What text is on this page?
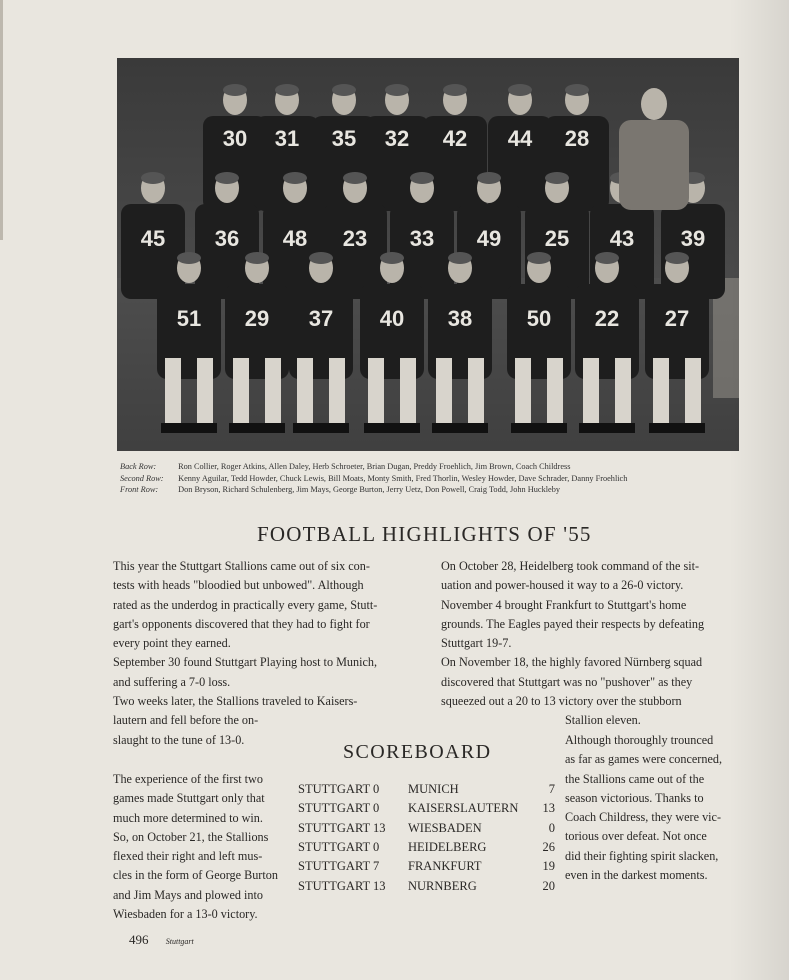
30 31 35 32 42 44 28
45 36 48 23 33 49 25 43 39
51 29 37 40 38 50 22 27
Back Row:	Ron Collier, Roger Atkins, Allen Daley, Herb Schroeter, Brian Dugan, Preddy Froehlich, Jim Brown, Coach Childress
Second Row: Kenny Aguilar, Tedd Howder, Chuck Lewis, Bill Moats, Monty Smith, Fred Thorlin, Wesley Howder, Dave Schrader, Danny Froehlich
Front Row: Don Bryson, Richard Schulenberg, Jim Mays, George Burton, Jerry Uetz, Don Powell, Craig Todd, John Huckleby
FOOTBALL HIGHLIGHTS OF '55

This year the Stuttgart Stallions came out of six con-
tests with heads "bloodied but unbowed". Although
rated as the underdog in practically every game, Stutt-
gart's opponents discovered that they had to fight for
every point they earned.

September 30 found Stuttgart Playing host to Munich,
and suffering a 7-0 loss.

Two weeks later, the Stallions traveled to Kaisers-
lautern and fell before the on-
slaught to the tune of 13-0.

The experience of the first two
games made Stuttgart only that
much more determined to win.
So, on October 21, the Stallions
flexed their right and left mus-
cles in the form of George Burton
and Jim Mays and plowed into
Wiesbaden for a 13-0 victory.

On October 28, Heidelberg took command of the sit-
uation and power-housed it way to a 26-0 victory.
November 4 brought Frankfurt to Stuttgart's home
grounds. The Eagles payed their respects by defeating
Stuttgart 19-7.

On November 18, the highly favored Nürnberg squad
discovered that Stuttgart was no "pushover" as they
squeezed out a 20 to 13 victory over the stubborn
Stallion eleven.

Although thoroughly trounced
as far as games were concerned,
the Stallions came out of the
season victorious. Thanks to
Coach Childress, they were vic-
torious over defeat. Not once
did their fighting spirit slacken,
even in the darkest moments.

SCOREBOARD
STUTTGART 0	MUNICH	7
STUTTGART 0	KAISERSLAUTERN	13
STUTTGART 13	WIESBADEN	0
STUTTGART 0	HEIDELBERG	26
STUTTGART 7	FRANKFURT	19
STUTTGART 13	NURNBERG	20
496 Stuttgart
